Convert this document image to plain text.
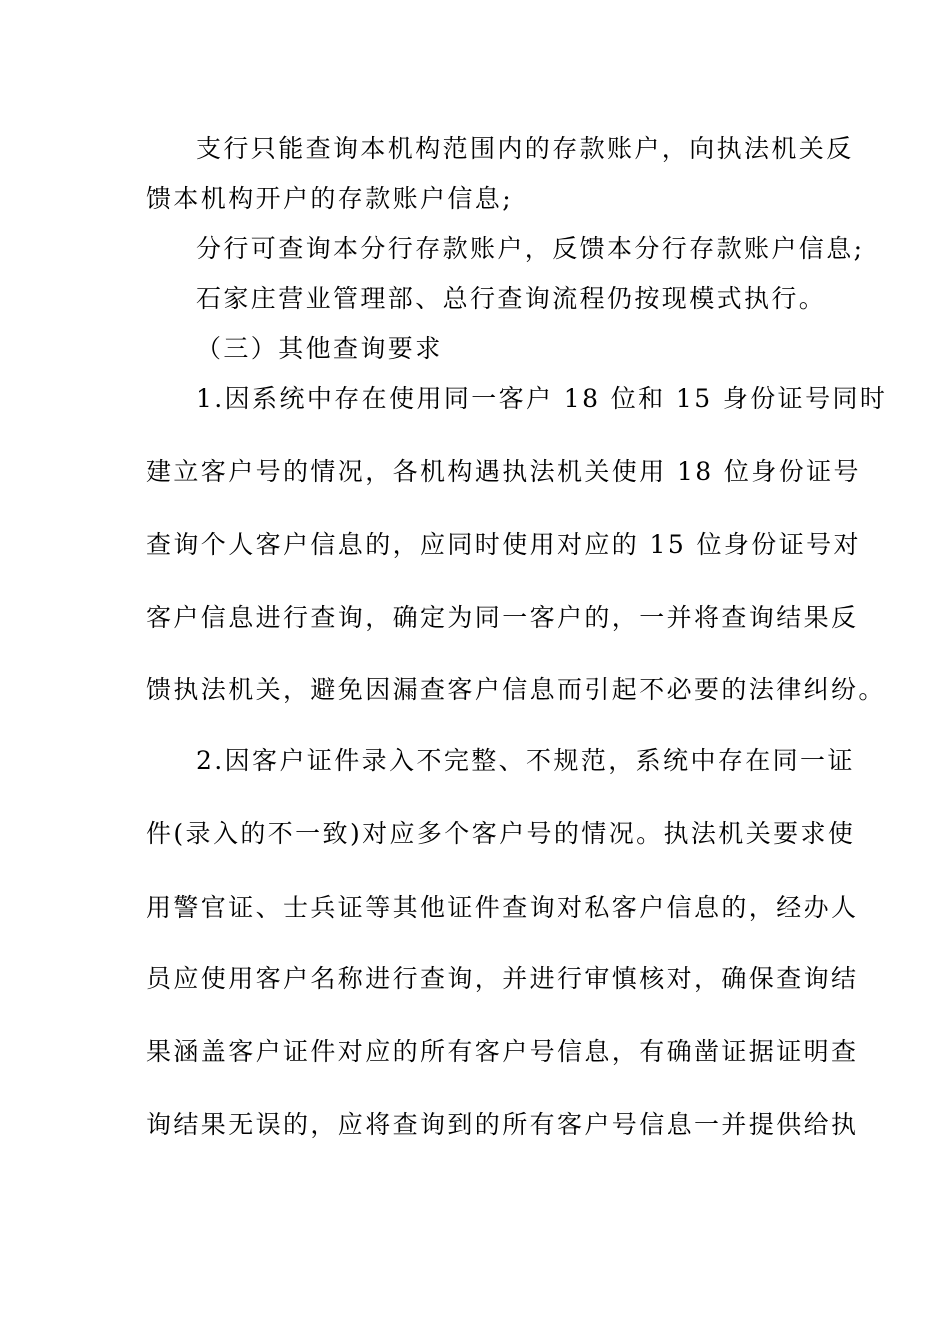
支行只能查询本机构范围内的存款账户，向执法机关反
馈本机构开户的存款账户信息;
分行可查询本分行存款账户，反馈本分行存款账户信息;
石家庄营业管理部、总行查询流程仍按现模式执行。
（三）其他查询要求
1.因系统中存在使用同一客户 18 位和 15 身份证号同时
建立客户号的情况，各机构遇执法机关使用 18 位身份证号
查询个人客户信息的，应同时使用对应的 15 位身份证号对
客户信息进行查询，确定为同一客户的，一并将查询结果反
馈执法机关，避免因漏查客户信息而引起不必要的法律纠纷。
2.因客户证件录入不完整、不规范，系统中存在同一证
件(录入的不一致)对应多个客户号的情况。执法机关要求使
用警官证、士兵证等其他证件查询对私客户信息的，经办人
员应使用客户名称进行查询，并进行审慎核对，确保查询结
果涵盖客户证件对应的所有客户号信息，有确凿证据证明查
询结果无误的，应将查询到的所有客户号信息一并提供给执
